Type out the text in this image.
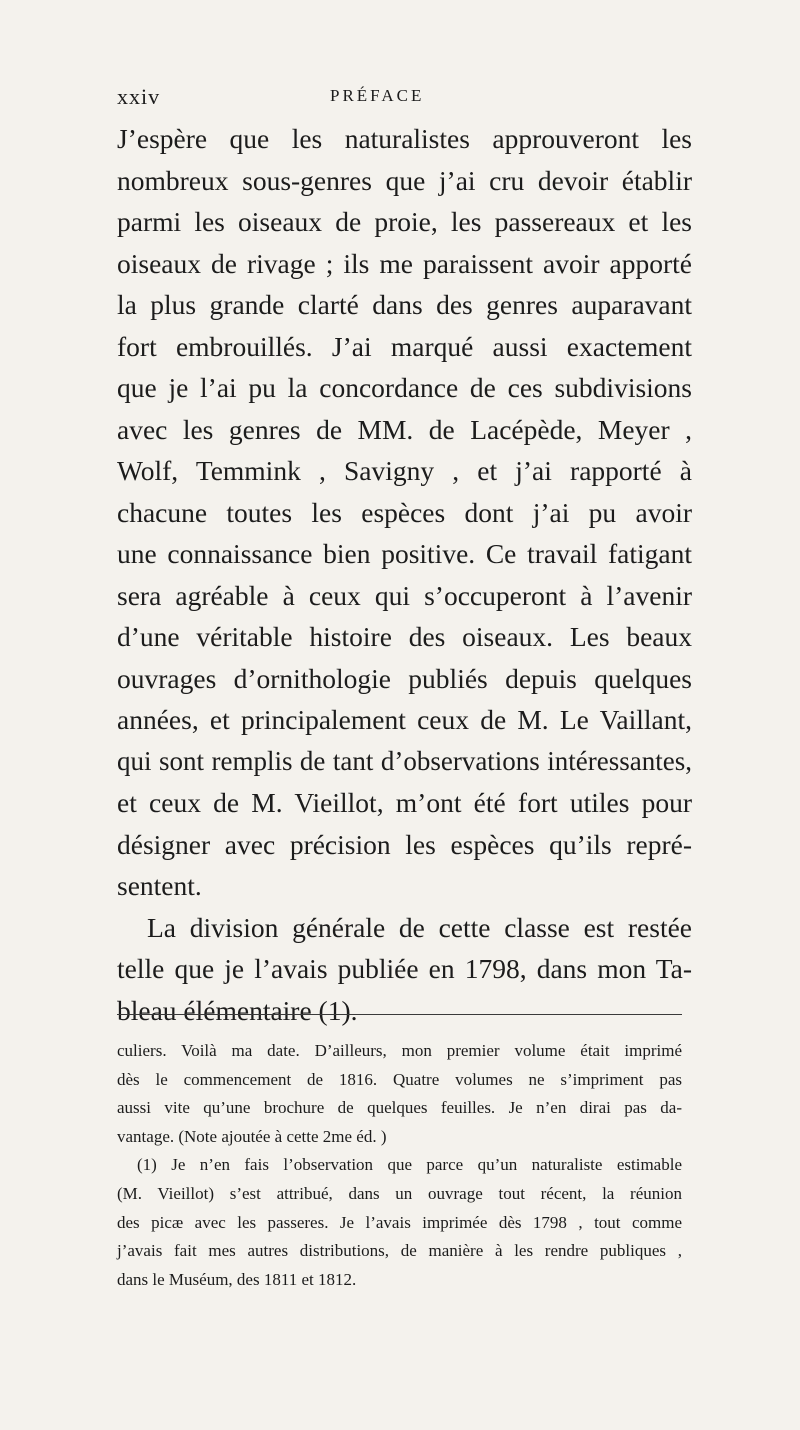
xxiv	PRÉFACE
J’espère que les naturalistes approuveront les
nombreux sous-genres que j’ai cru devoir établir
parmi les oiseaux de proie, les passereaux et les
oiseaux de rivage ; ils me paraissent avoir apporté
la plus grande clarté dans des genres auparavant
fort embrouillés. J’ai marqué aussi exactement
que je l’ai pu la concordance de ces subdivisions
avec les genres de MM. de Lacépède, Meyer ,
Wolf, Temmink , Savigny , et j’ai rapporté à
chacune toutes les espèces dont j’ai pu avoir
une connaissance bien positive. Ce travail fatigant
sera agréable à ceux qui s’occuperont à l’avenir
d’une véritable histoire des oiseaux. Les beaux
ouvrages d’ornithologie publiés depuis quelques
années, et principalement ceux de M. Le Vaillant,
qui sont remplis de tant d’observations intéressantes,
et ceux de M. Vieillot, m’ont été fort utiles pour
désigner avec précision les espèces qu’ils repré-
sentent.
La division générale de cette classe est restée
telle que je l’avais publiée en 1798, dans mon Ta-
bleau élémentaire (1).
culiers. Voilà ma date. D’ailleurs, mon premier volume était imprimé
dès le commencement de 1816. Quatre volumes ne s’impriment pas
aussi vite qu’une brochure de quelques feuilles. Je n’en dirai pas da-
vantage. (Note ajoutée à cette 2me éd. )
(1) Je n’en fais l’observation que parce qu’un naturaliste estimable
(M. Vieillot) s’est attribué, dans un ouvrage tout récent, la réunion
des picæ avec les passeres. Je l’avais imprimée dès 1798 , tout comme
j’avais fait mes autres distributions, de manière à les rendre publiques ,
dans le Muséum, des 1811 et 1812.
